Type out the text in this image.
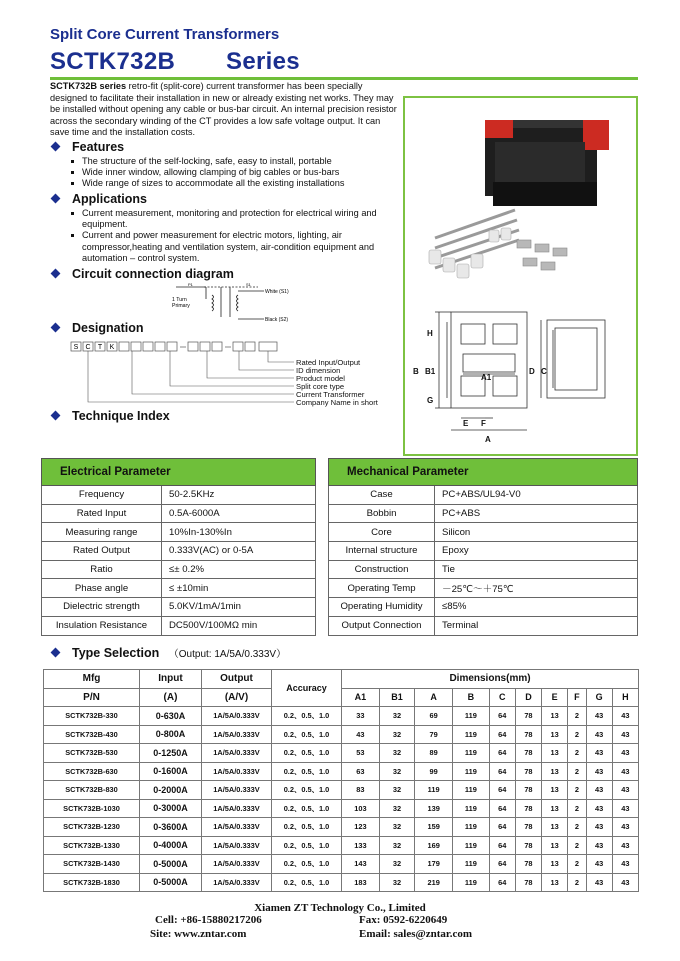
Split Core Current Transformers
SCTK732B   Series
SCTK732B series retro-fit (split-core) current transformer has been specially designed to facilitate their installation in new or already existing net works. They may be installed without opening any cable or bus-bar circuit. An internal precision resistor across the secondary winding of the CT provides a low safe voltage output. It can save time and the installation costs.
Features
The structure of the self-locking, safe, easy to install, portable
Wide inner window, allowing clamping of big cables or bus-bars
Wide range of sizes to accommodate all the existing installations
Applications
Current measurement, monitoring and protection for electrical wiring and equipment.
Current and power measurement for electric motors, lighting, air compressor,heating and ventilation system, air-condition equipment and automation – control system.
Circuit connection diagram
P1	S1
1 Turn
Primary
White (S1)
Black (S2)
Designation
S C T K
Rated Input/Output
ID dimension
Product model
Split core type
Current Transformer
Company Name in short
Technique Index
H
B B1
A1
G
E F
A
D C
Electrical Parameter	
Frequency	50-2.5KHz
Rated Input	0.5A-6000A
Measuring range	10%In-130%In
Rated Output	0.333V(AC) or 0-5A
Ratio	≤± 0.2%
Phase angle	≤ ±10min
Dielectric strength	5.0KV/1mA/1min
Insulation Resistance	DC500V/100MΩ min
Mechanical Parameter	
Case	PC+ABS/UL94-V0
Bobbin	PC+ABS
Core	Silicon
Internal structure	Epoxy
Construction	Tie
Operating Temp	－25℃～＋75℃
Operating Humidity	≤85%
Output Connection	Terminal
Type Selection （Output: 1A/5A/0.333V）
Mfg	Input	Output	Accuracy	Dimensions(mm)									
P/N	(A)	(A/V)		A1	B1	A	B	C	D	E	F	G	H
SCTK732B-330	0-630A	1A/5A/0.333V	0.2、0.5、1.0	33	32	69	119	64	78	13	2	43	43
SCTK732B-430	0-800A	1A/5A/0.333V	0.2、0.5、1.0	43	32	79	119	64	78	13	2	43	43
SCTK732B-530	0-1250A	1A/5A/0.333V	0.2、0.5、1.0	53	32	89	119	64	78	13	2	43	43
SCTK732B-630	0-1600A	1A/5A/0.333V	0.2、0.5、1.0	63	32	99	119	64	78	13	2	43	43
SCTK732B-830	0-2000A	1A/5A/0.333V	0.2、0.5、1.0	83	32	119	119	64	78	13	2	43	43
SCTK732B-1030	0-3000A	1A/5A/0.333V	0.2、0.5、1.0	103	32	139	119	64	78	13	2	43	43
SCTK732B-1230	0-3600A	1A/5A/0.333V	0.2、0.5、1.0	123	32	159	119	64	78	13	2	43	43
SCTK732B-1330	0-4000A	1A/5A/0.333V	0.2、0.5、1.0	133	32	169	119	64	78	13	2	43	43
SCTK732B-1430	0-5000A	1A/5A/0.333V	0.2、0.5、1.0	143	32	179	119	64	78	13	2	43	43
SCTK732B-1830	0-5000A	1A/5A/0.333V	0.2、0.5、1.0	183	32	219	119	64	78	13	2	43	43
Xiamen ZT Technology Co., Limited
Cell: +86-15880217206	Fax: 0592-6220649
Site: www.zntar.com	Email: sales@zntar.com
